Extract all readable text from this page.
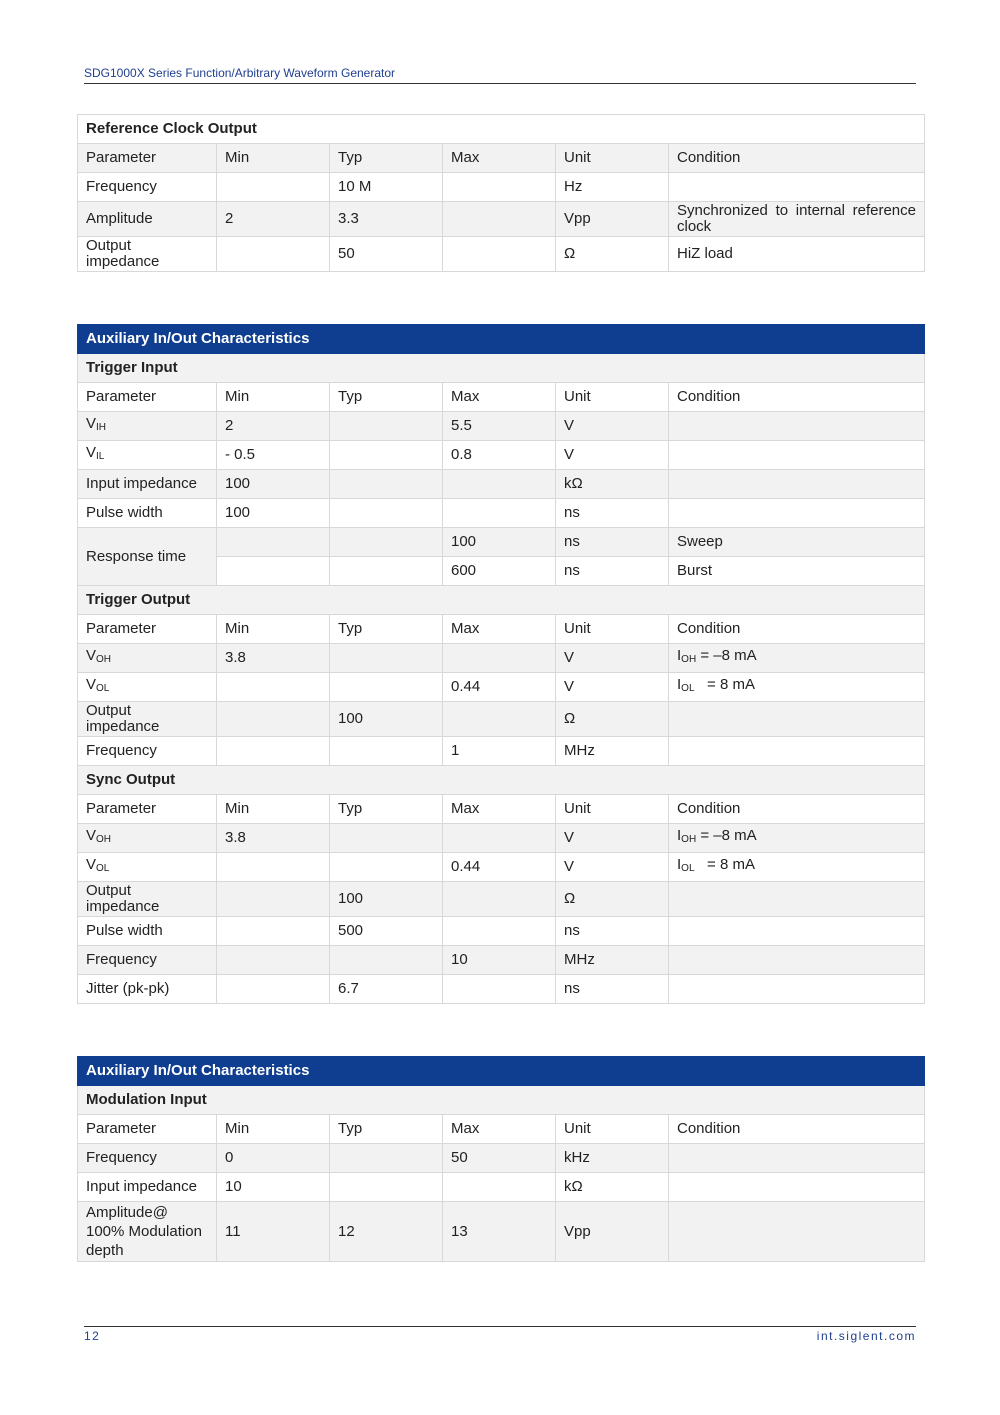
SDG1000X Series Function/Arbitrary Waveform Generator
Reference Clock Output					
Parameter	Min	Typ	Max	Unit	Condition
Frequency		10 M		Hz	
Amplitude	2	3.3		Vpp	Synchronized to internal reference clock
Output impedance		50		Ω	HiZ load
Auxiliary In/Out Characteristics					
Trigger Input					
Parameter	Min	Typ	Max	Unit	Condition
$V_{IH}$	2		5.5	V	
$V_{IL}$	- 0.5		0.8	V	
Input impedance	100			kΩ	
Pulse width	100			ns	
Response time			100	ns	Sweep
			600	ns	Burst
Trigger Output					
Parameter	Min	Typ	Max	Unit	Condition
$V_{OH}$	3.8			V	$I_{OH} = -8$ mA
$V_{OL}$			0.44	V	$I_{OL} = 8$ mA
Output impedance		100		Ω	
Frequency			1	MHz	
Sync Output					
Parameter	Min	Typ	Max	Unit	Condition
$V_{OH}$	3.8			V	$I_{OH} = -8$ mA
$V_{OL}$			0.44	V	$I_{OL} = 8$ mA
Output impedance		100		Ω	
Pulse width		500		ns	
Frequency			10	MHz	
Jitter (pk-pk)		6.7		ns	
Auxiliary In/Out Characteristics					
Modulation Input					
Parameter	Min	Typ	Max	Unit	Condition
Frequency	0		50	kHz	
Input impedance	10			kΩ	
Amplitude@ 100% Modulation depth	11	12	13	Vpp	
12	int.siglent.com
